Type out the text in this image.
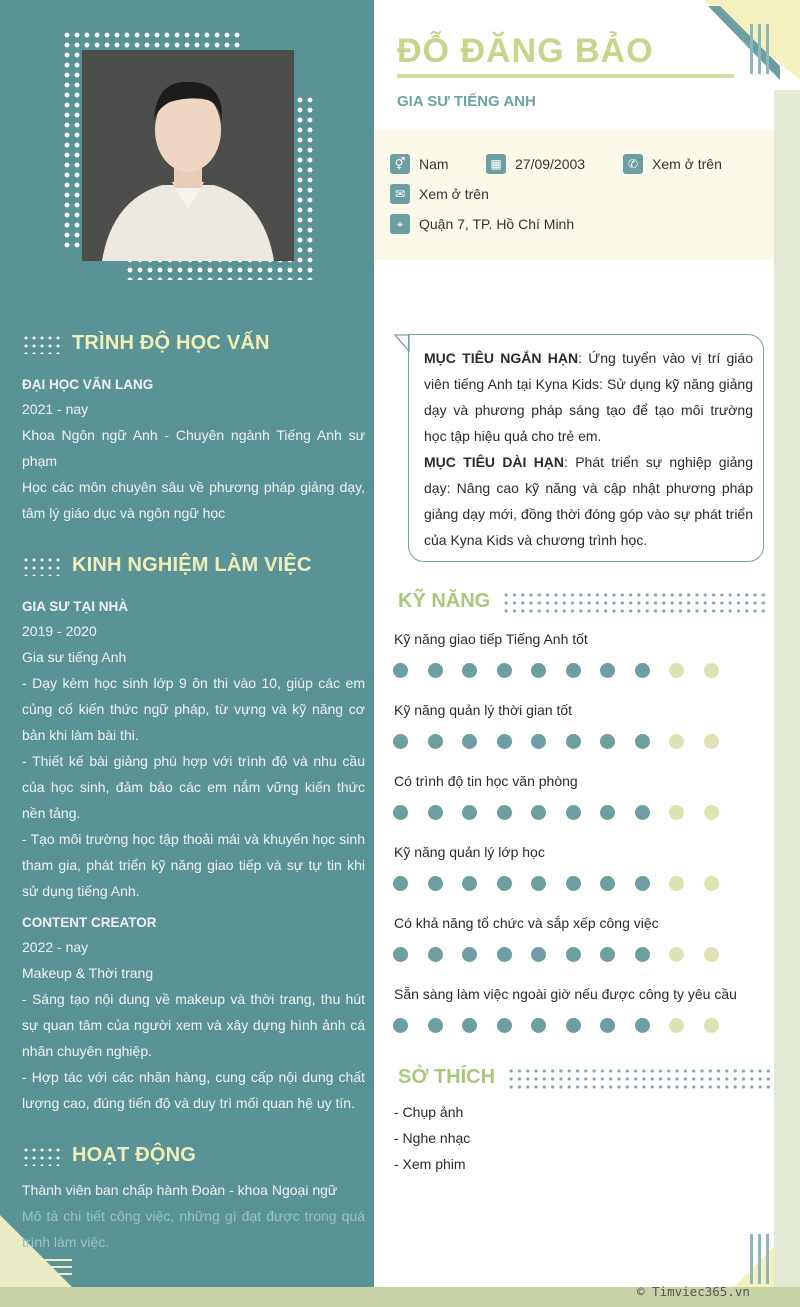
TRÌNH ĐỘ HỌC VẤN
ĐẠI HỌC VĂN LANG
2021 - nay
Khoa Ngôn ngữ Anh - Chuyên ngành Tiếng Anh sư phạm
Học các môn chuyên sâu về phương pháp giảng dạy, tâm lý giáo dục và ngôn ngữ học
KINH NGHIỆM LÀM VIỆC
GIA SƯ TẠI NHÀ
2019 - 2020
Gia sư tiếng Anh
- Dạy kèm học sinh lớp 9 ôn thi vào 10, giúp các em củng cố kiến thức ngữ pháp, từ vựng và kỹ năng cơ bản khi làm bài thi.
- Thiết kế bài giảng phù hợp với trình độ và nhu cầu của học sinh, đảm bảo các em nắm vững kiến thức nền tảng.
- Tạo môi trường học tập thoải mái và khuyến học sinh tham gia, phát triển kỹ năng giao tiếp và sự tự tin khi sử dụng tiếng Anh.
CONTENT CREATOR
2022 - nay
Makeup & Thời trang
- Sáng tạo nội dung về makeup và thời trang, thu hút sự quan tâm của người xem và xây dựng hình ảnh cá nhân chuyên nghiệp.
- Hợp tác với các nhãn hàng, cung cấp nội dung chất lượng cao, đúng tiến độ và duy trì mối quan hệ uy tín.
HOẠT ĐỘNG
Thành viên ban chấp hành Đoàn - khoa Ngoại ngữ
Mô tả chi tiết công việc, những gì đạt được trong quá trình làm việc.
ĐỖ ĐĂNG BẢO
GIA SƯ TIẾNG ANH
⚥ Nam	▦ 27/09/2003	✆ Xem ở trên
✉ Xem ở trên
⌖	Quận 7, TP. Hồ Chí Minh

MỤC TIÊU NGẮN HẠN: Ứng tuyển vào vị trí giáo viên tiếng Anh tại Kyna Kids: Sử dụng kỹ năng giảng dạy và phương pháp sáng tạo để tạo môi trường học tập hiệu quả cho trẻ em.

MỤC TIÊU DÀI HẠN: Phát triển sự nghiệp giảng dạy: Nâng cao kỹ năng và cập nhật phương pháp giảng dạy mới, đồng thời đóng góp vào sự phát triển của Kyna Kids và chương trình học.

KỸ NĂNG
Kỹ năng giao tiếp Tiếng Anh tốt
Kỹ năng quản lý thời gian tốt
Có trình độ tin học văn phòng
Kỹ năng quản lý lớp học
Có khả năng tổ chức và sắp xếp công việc
Sẵn sàng làm việc ngoài giờ nếu được công ty yêu cầu
SỞ THÍCH
- Chụp ảnh
- Nghe nhạc
- Xem phim
© Timviec365.vn
